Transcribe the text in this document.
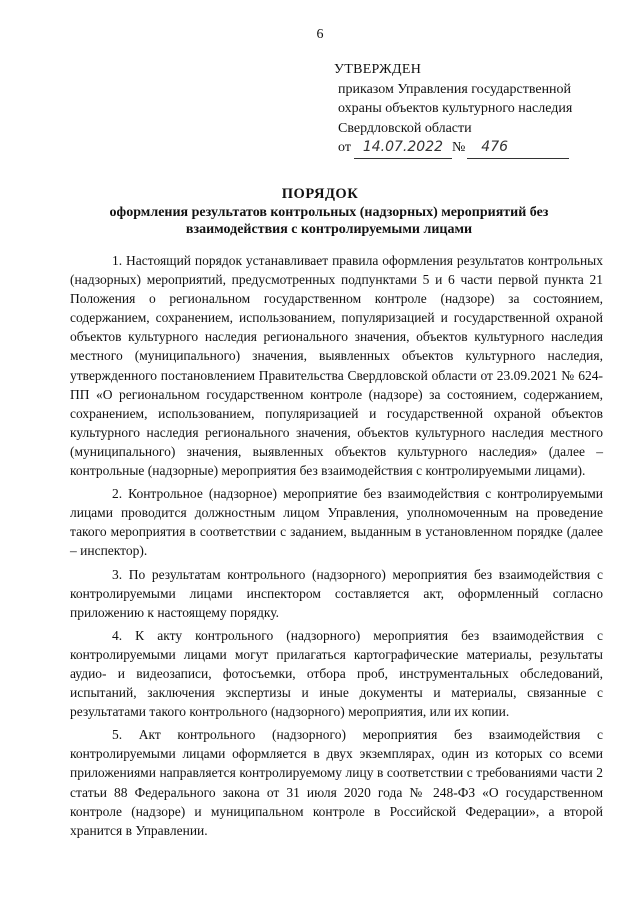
6
УТВЕРЖДЕН
приказом Управления государственной
охраны объектов культурного наследия
Свердловской области
от 14.07.2022 №	476
ПОРЯДОК
оформления результатов контрольных (надзорных) мероприятий без взаимодействия с контролируемыми лицами

1. Настоящий порядок устанавливает правила оформления результатов контрольных (надзорных) мероприятий, предусмотренных подпунктами 5 и 6 части первой пункта 21 Положения о региональном государственном контроле (надзоре) за состоянием, содержанием, сохранением, использованием, популяризацией и государственной охраной объектов культурного наследия регионального значения, объектов культурного наследия местного (муниципального) значения, выявленных объектов культурного наследия, утвержденного постановлением Правительства Свердловской области от 23.09.2021 № 624-ПП «О региональном государственном контроле (надзоре) за состоянием, содержанием, сохранением, использованием, популяризацией и государственной охраной объектов культурного наследия регионального значения, объектов культурного наследия местного (муниципального) значения, выявленных объектов культурного наследия» (далее – контрольные (надзорные) мероприятия без взаимодействия с контролируемыми лицами).

2. Контрольное (надзорное) мероприятие без взаимодействия с контролируемыми лицами проводится должностным лицом Управления, уполномоченным на проведение такого мероприятия в соответствии с заданием, выданным в установленном порядке (далее – инспектор).

3. По результатам контрольного (надзорного) мероприятия без взаимодействия с контролируемыми лицами инспектором составляется акт, оформленный согласно приложению к настоящему порядку.

4. К акту контрольного (надзорного) мероприятия без взаимодействия с контролируемыми лицами могут прилагаться картографические материалы, результаты аудио- и видеозаписи, фотосъемки, отбора проб, инструментальных обследований, испытаний, заключения экспертизы и иные документы и материалы, связанные с результатами такого контрольного (надзорного) мероприятия, или их копии.

5. Акт контрольного (надзорного) мероприятия без взаимодействия с контролируемыми лицами оформляется в двух экземплярах, один из которых со всеми приложениями направляется контролируемому лицу в соответствии с требованиями части 2 статьи 88 Федерального закона от 31 июля 2020 года № 248-ФЗ «О государственном контроле (надзоре) и муниципальном контроле в Российской Федерации», а второй хранится в Управлении.
